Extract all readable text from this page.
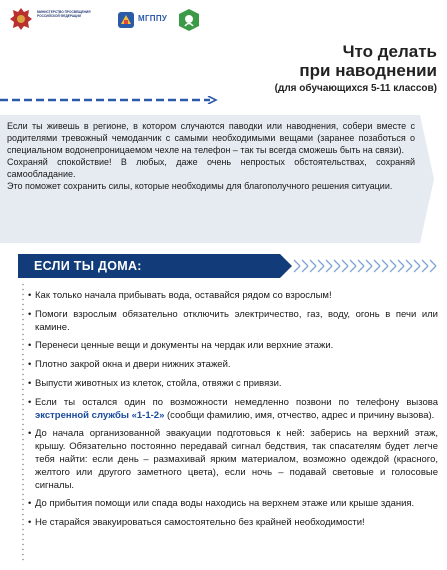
МИНИСТЕРСТВО ПРОСВЕЩЕНИЯ РОССИЙСКОЙ ФЕДЕРАЦИИ	МГППУ
Что делать
при наводнении
(для обучающихся 5-11 классов)

Если ты живешь в регионе, в котором случаются паводки или наводнения, собери вместе с родителями тревожный чемоданчик с самыми необходимыми вещами (заранее позаботься о специальном водонепроницаемом чехле на телефон – так ты всегда сможешь быть на связи).

Сохраняй спокойствие! В любых, даже очень непростых обстоятельствах, сохраняй самообладание.

Это поможет сохранить силы, которые необходимы для благополучного решения ситуации.

ЕСЛИ ТЫ ДОМА:
• Как только начала прибывать вода, оставайся рядом со взрослым!
• Помоги взрослым обязательно отключить электричество, газ, воду, огонь в печи или камине.
• Перенеси ценные вещи и документы на чердак или верхние этажи.
• Плотно закрой окна и двери нижних этажей.
• Выпусти животных из клеток, стойла, отвяжи с привязи.
• Если ты остался один по возможности немедленно позвони по телефону вызова экстренной службы «1-1-2» (сообщи фамилию, имя, отчество, адрес и причину вызова).
• До начала организованной эвакуации подготовься к ней: заберись на верхний этаж, крышу. Обязательно постоянно передавай сигнал бедствия, так спасателям будет легче тебя найти: если день – размахивай ярким материалом, возможно одеждой (красного, желтого или другого заметного цвета), если ночь – подавай световые и голосовые сигналы.
• До прибытия помощи или спада воды находись на верхнем этаже или крыше здания.
• Не старайся эвакуироваться самостоятельно без крайней необходимости!
